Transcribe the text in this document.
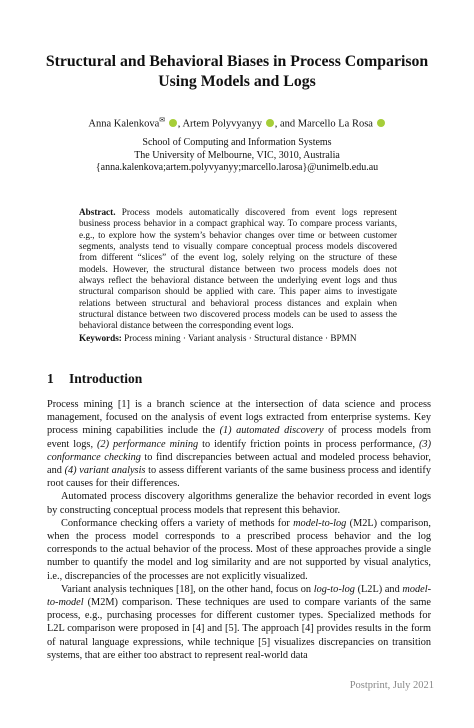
Structural and Behavioral Biases in Process Comparison Using Models and Logs
Anna Kalenkova✉ , Artem Polyvyanyy , and Marcello La Rosa
School of Computing and Information Systems
The University of Melbourne, VIC, 3010, Australia
{anna.kalenkova;artem.polyvyanyy;marcello.larosa}@unimelb.edu.au
Abstract. Process models automatically discovered from event logs represent business process behavior in a compact graphical way. To compare process variants, e.g., to explore how the system’s behavior changes over time or between customer segments, analysts tend to visually compare conceptual process models discovered from different “slices” of the event log, solely relying on the structure of these models. However, the structural distance between two process models does not always reflect the behavioral distance between the underlying event logs and thus structural comparison should be applied with care. This paper aims to investigate relations between structural and behavioral process distances and explain when structural distance between two discovered process models can be used to assess the behavioral distance between the corresponding event logs.
Keywords: Process mining · Variant analysis · Structural distance · BPMN
1 Introduction

Process mining [1] is a branch science at the intersection of data science and process management, focused on the analysis of event logs extracted from enterprise systems. Key process mining capabilities include the (1) automated discovery of process models from event logs, (2) performance mining to identify friction points in process performance, (3) conformance checking to find discrepancies between actual and modeled process behavior, and (4) variant analysis to assess different variants of the same business process and identify root causes for their differences.

Automated process discovery algorithms generalize the behavior recorded in event logs by constructing conceptual process models that represent this behavior.

Conformance checking offers a variety of methods for model-to-log (M2L) comparison, when the process model corresponds to a prescribed process behavior and the log corresponds to the actual behavior of the process. Most of these approaches provide a single number to quantify the model and log similarity and are not supported by visual analytics, i.e., discrepancies of the processes are not explicitly visualized.

Variant analysis techniques [18], on the other hand, focus on log-to-log (L2L) and model-to-model (M2M) comparison. These techniques are used to compare variants of the same process, e.g., purchasing processes for different customer types. Specialized methods for L2L comparison were proposed in [4] and [5]. The approach [4] provides results in the form of natural language expressions, while technique [5] visualizes discrepancies on transition systems, that are either too abstract to represent real-world data

Postprint, July 2021
